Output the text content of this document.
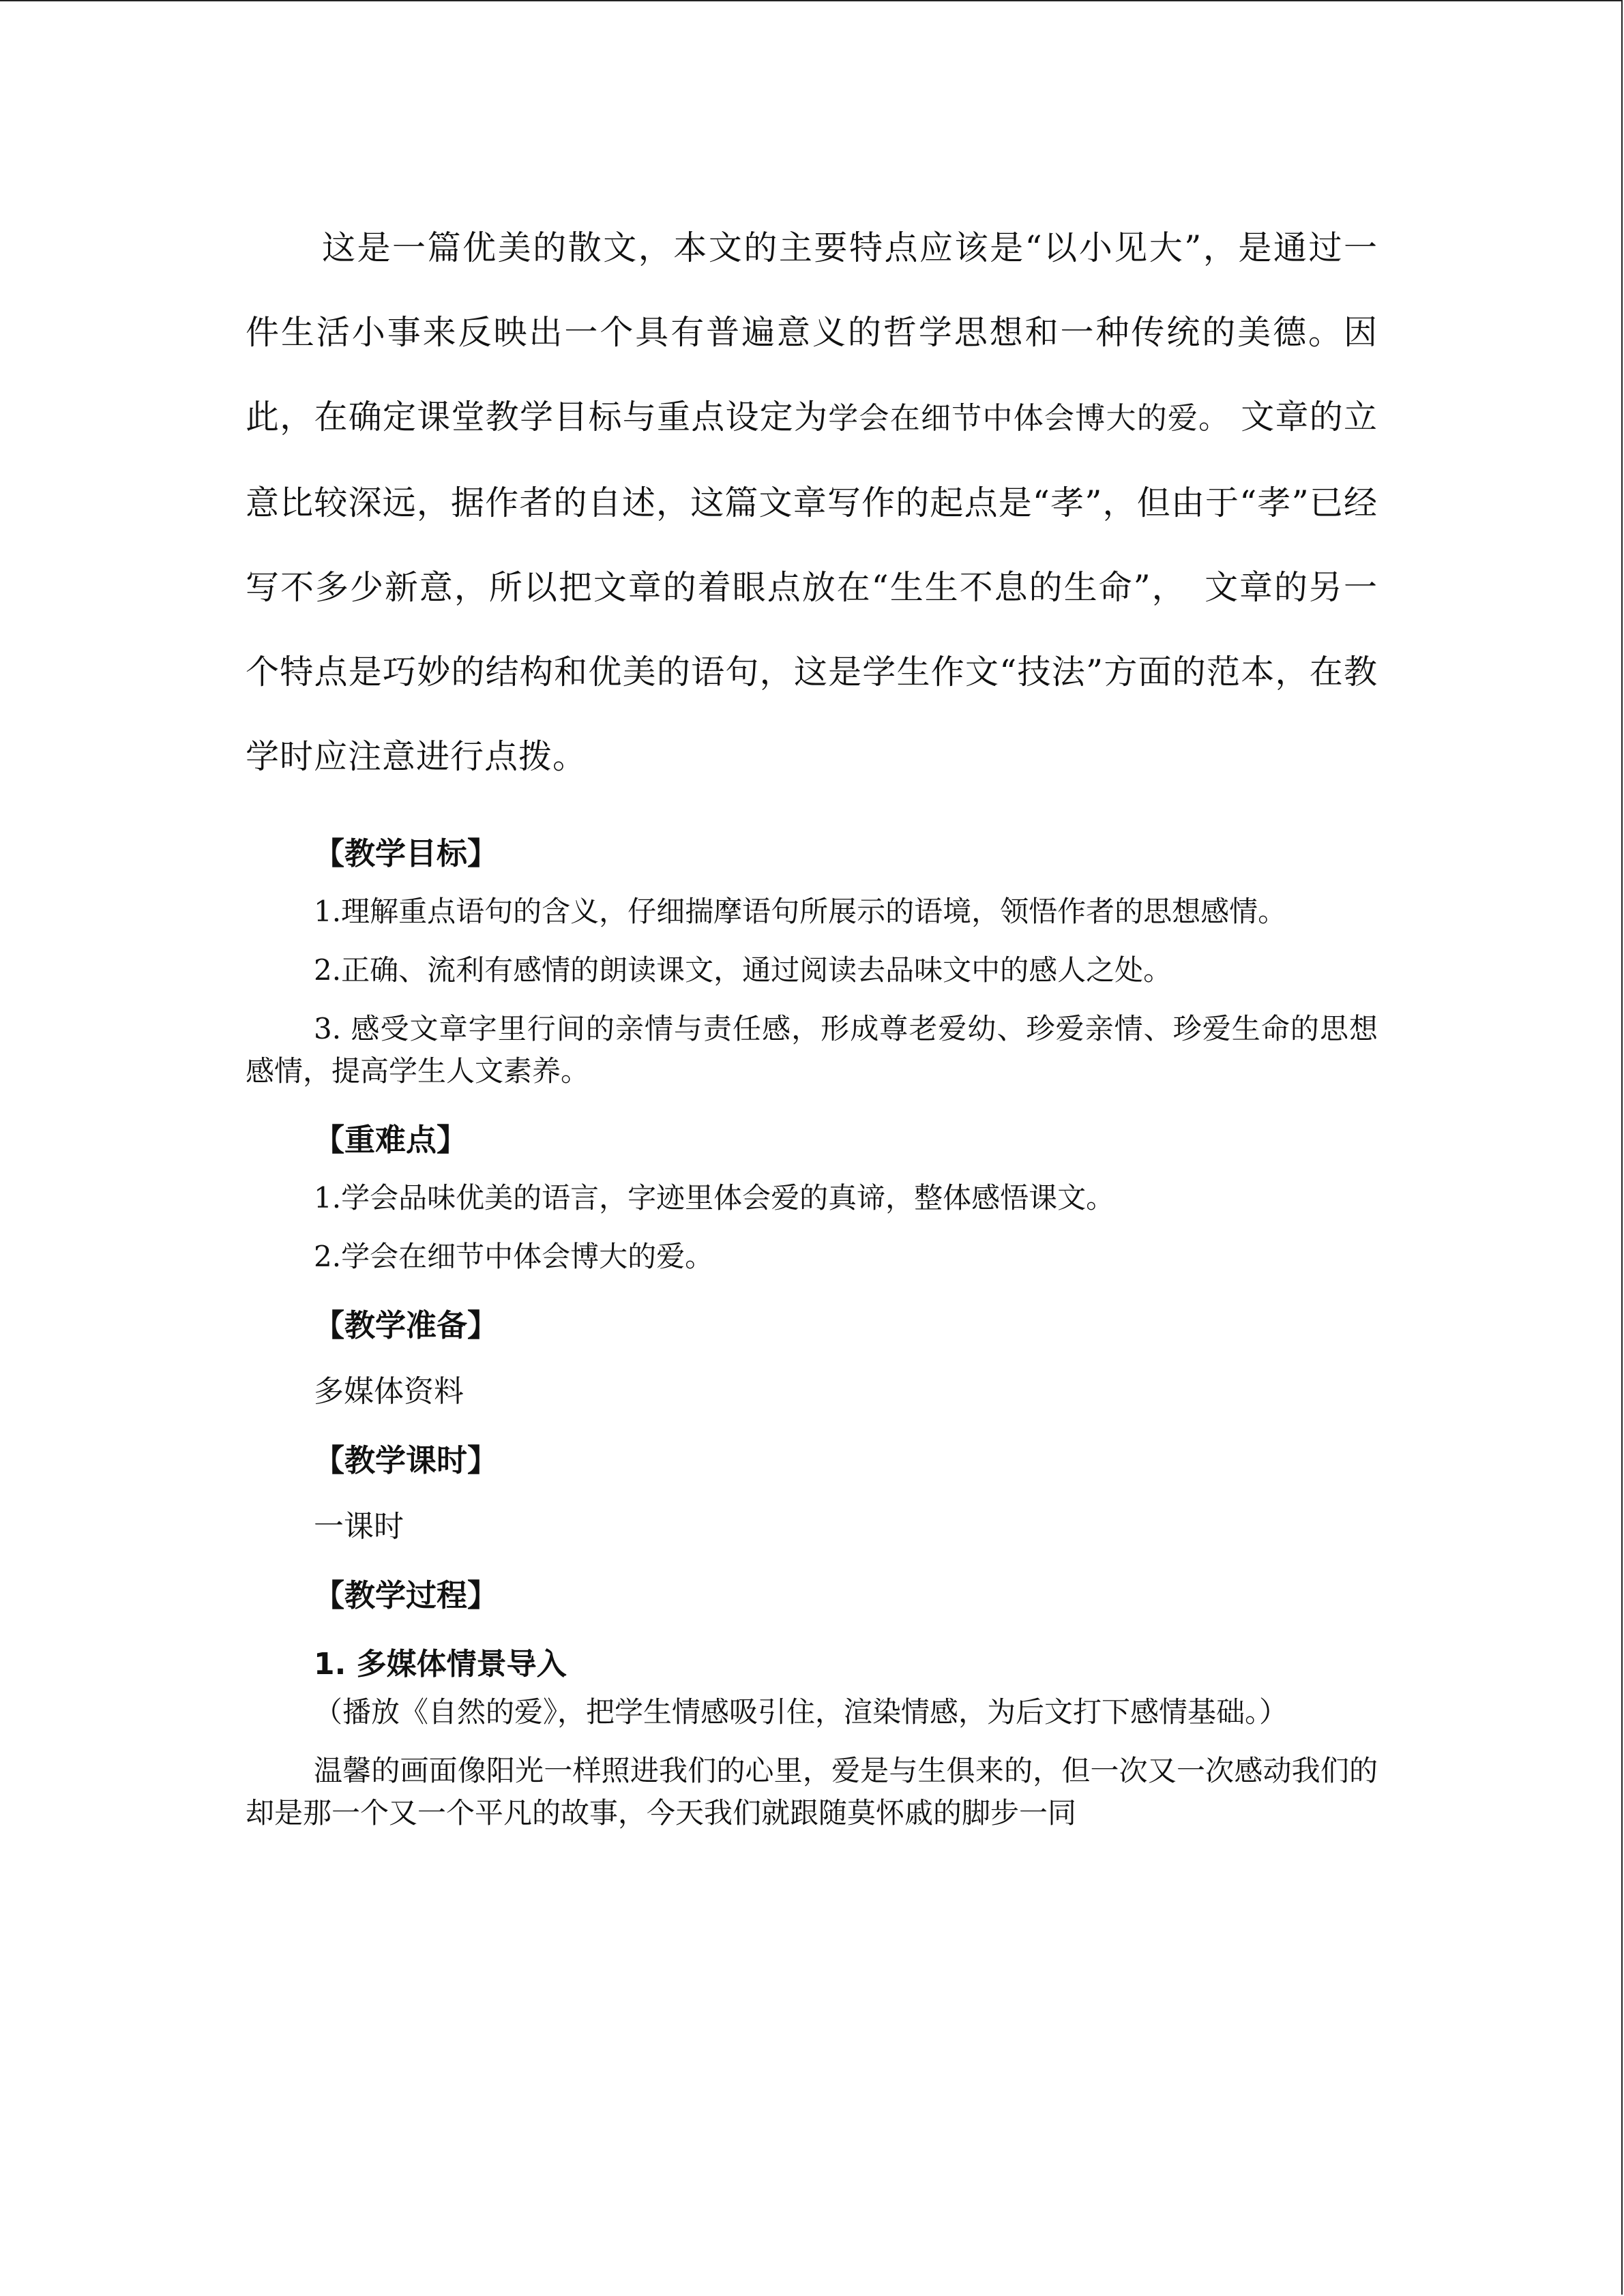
这是一篇优美的散文，本文的主要特点应该是“以小见大”，是通过一件生活小事来反映出一个具有普遍意义的哲学思想和一种传统的美德。因此，在确定课堂教学目标与重点设定为学会在细节中体会博大的爱。 文章的立意比较深远，据作者的自述，这篇文章写作的起点是“孝”，但由于“孝”已经写不多少新意，所以把文章的着眼点放在“生生不息的生命”，　文章的另一个特点是巧妙的结构和优美的语句，这是学生作文“技法”方面的范本，在教学时应注意进行点拨。

【教学目标】

1.理解重点语句的含义，仔细揣摩语句所展示的语境，领悟作者的思想感情。

2.正确、流利有感情的朗读课文，通过阅读去品味文中的感人之处。

3. 感受文章字里行间的亲情与责任感，形成尊老爱幼、珍爱亲情、珍爱生命的思想感情，提高学生人文素养。

【重难点】

1.学会品味优美的语言，字迹里体会爱的真谛，整体感悟课文。

2.学会在细节中体会博大的爱。

【教学准备】

多媒体资料

【教学课时】

一课时

【教学过程】

1. 多媒体情景导入

（播放《自然的爱》，把学生情感吸引住，渲染情感，为后文打下感情基础。）

温馨的画面像阳光一样照进我们的心里，爱是与生俱来的，但一次又一次感动我们的却是那一个又一个平凡的故事，今天我们就跟随莫怀戚的脚步一同
